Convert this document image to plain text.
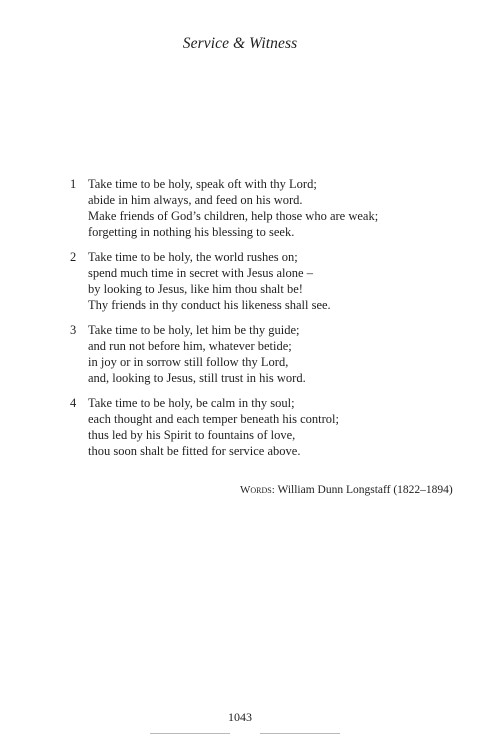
Service & Witness
1 Take time to be holy, speak oft with thy Lord;
abide in him always, and feed on his word.
Make friends of God’s children, help those who are weak;
forgetting in nothing his blessing to seek.
2 Take time to be holy, the world rushes on;
spend much time in secret with Jesus alone –
by looking to Jesus, like him thou shalt be!
Thy friends in thy conduct his likeness shall see.
3 Take time to be holy, let him be thy guide;
and run not before him, whatever betide;
in joy or in sorrow still follow thy Lord,
and, looking to Jesus, still trust in his word.
4 Take time to be holy, be calm in thy soul;
each thought and each temper beneath his control;
thus led by his Spirit to fountains of love,
thou soon shalt be fitted for service above.
Words: William Dunn Longstaff (1822–1894)
1043
